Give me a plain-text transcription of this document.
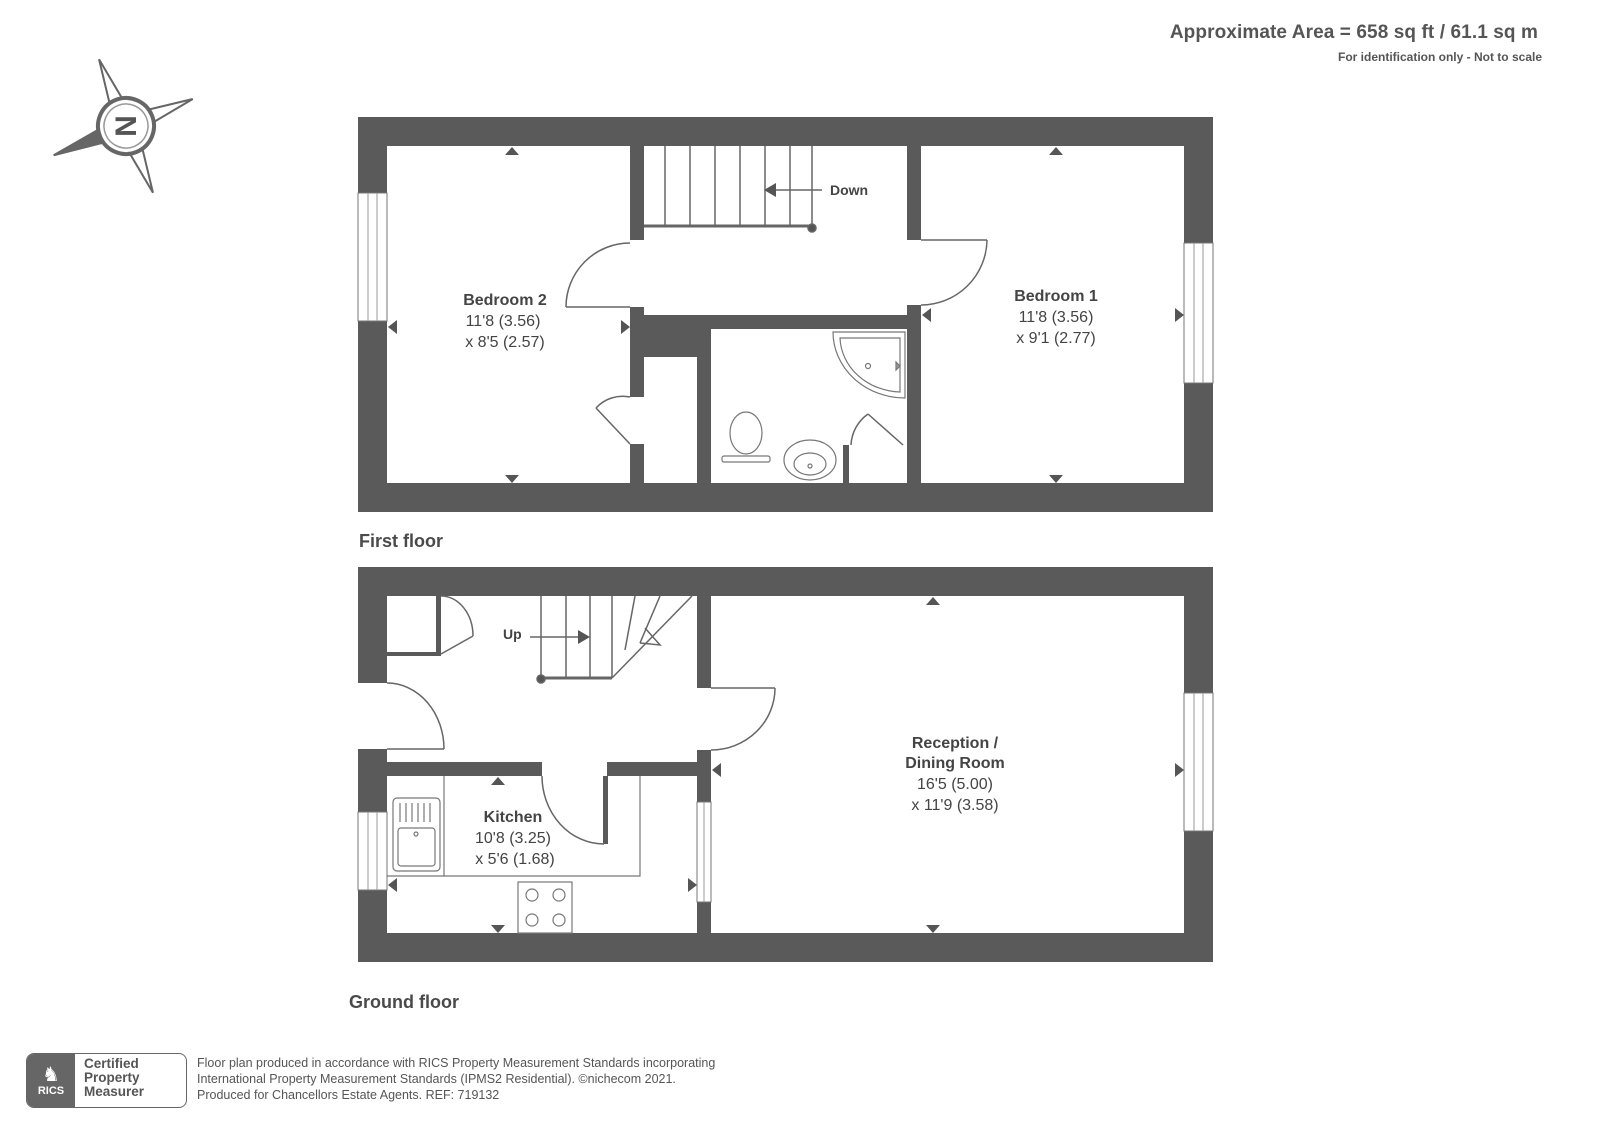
Approximate Area = 658 sq ft / 61.1 sq m
For identification only - Not to scale
N
Down
Bedroom 2
11'8 (3.56)
x 8'5 (2.57)
Bedroom 1
11'8 (3.56)
x 9'1 (2.77)
First floor
Up
Kitchen
10'8 (3.25)
x 5'6 (1.68)
Reception /
Dining Room
16'5 (5.00)
x 11'9 (3.58)
Ground floor
♞
RICS
Certified
Property
Measurer
Floor plan produced in accordance with RICS Property Measurement Standards incorporating
International Property Measurement Standards (IPMS2 Residential). ©nichecom 2021.
Produced for Chancellors Estate Agents. REF: 719132
